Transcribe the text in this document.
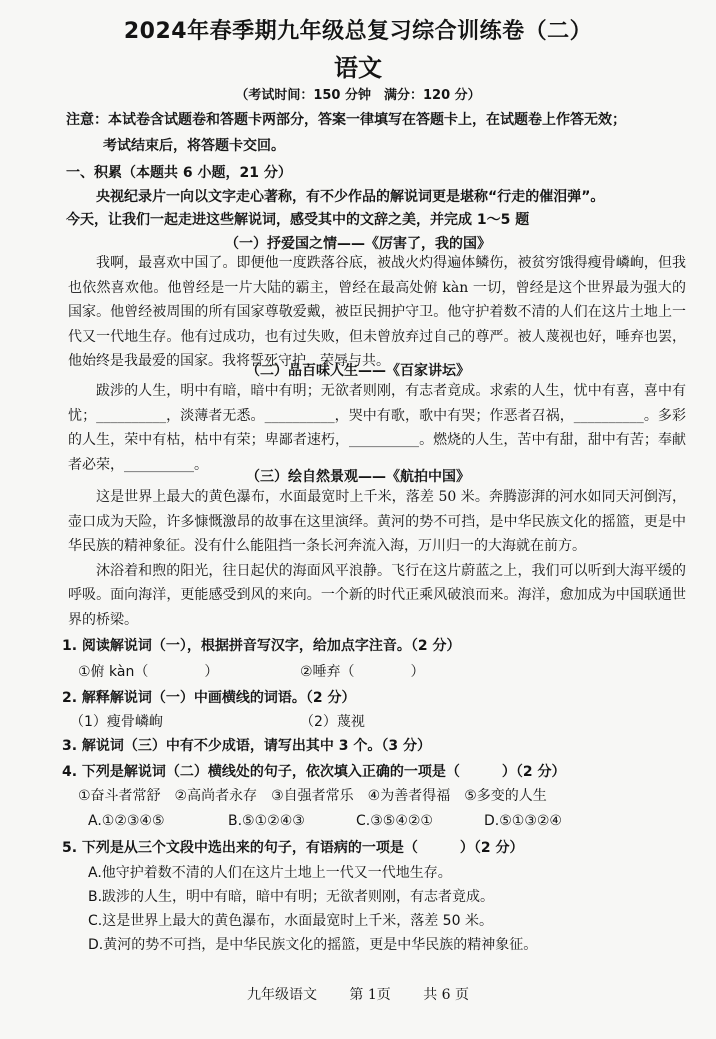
2024年春季期九年级总复习综合训练卷（二）
语文
（考试时间：150 分钟　满分：120 分）
注意：本试卷含试题卷和答题卡两部分，答案一律填写在答题卡上，在试题卷上作答无效；
考试结束后，将答题卡交回。
一、积累（本题共 6 小题，21 分）
央视纪录片一向以文字走心著称，有不少作品的解说词更是堪称“行走的催泪弹”。
今天，让我们一起走进这些解说词，感受其中的文辞之美，并完成 1～5 题
（一）抒爱国之情——《厉害了，我的国》

我啊，最喜欢中国了。即便他一度跌落谷底，被战火灼得遍体鳞伤，被贫穷饿得瘦骨嶙峋，但我也依然喜欢他。他曾经是一片大陆的霸主，曾经在最高处俯 kàn 一切，曾经是这个世界最为强大的国家。他曾经被周围的所有国家尊敬爱戴，被臣民拥护守卫。他守护着数不清的人们在这片土地上一代又一代地生存。他有过成功，也有过失败，但未曾放弃过自己的尊严。被人蔑视也好，唾弃也罢，他始终是我最爱的国家。我将誓死守护，荣辱与共。

（二）品百味人生——《百家讲坛》

跋涉的人生，明中有暗，暗中有明；无欲者则刚，有志者竟成。求索的人生，忧中有喜，喜中有忧；__________，淡薄者无悉。__________，哭中有歌，歌中有哭；作恶者召祸，__________。多彩的人生，荣中有枯，枯中有荣；卑鄙者速朽，__________。燃烧的人生，苦中有甜，甜中有苦；奉献者必荣，__________。

（三）绘自然景观——《航拍中国》

这是世界上最大的黄色瀑布，水面最宽时上千米，落差 50 米。奔腾澎湃的河水如同天河倒泻，壶口成为天险，许多慷慨激昂的故事在这里演绎。黄河的势不可挡，是中华民族文化的摇篮，更是中华民族的精神象征。没有什么能阻挡一条长河奔流入海，万川归一的大海就在前方。

沐浴着和煦的阳光，往日起伏的海面风平浪静。飞行在这片蔚蓝之上，我们可以听到大海平缓的呼吸。面向海洋，更能感受到风的来向。一个新的时代正乘风破浪而来。海洋，愈加成为中国联通世界的桥梁。

1. 阅读解说词（一），根据拼音写汉字，给加点字注音。（2 分）
①俯 kàn（　　　　）	②唾弃（　　　　）
2. 解释解说词（一）中画横线的词语。（2 分）
（1）瘦骨嶙峋	（2）蔑视
3. 解说词（三）中有不少成语，请写出其中 3 个。（3 分）
4. 下列是解说词（二）横线处的句子，依次填入正确的一项是（　　　）（2 分）
①奋斗者常舒　②高尚者永存　③自强者常乐　④为善者得福　⑤多变的人生
A.①②③④⑤	B.⑤①②④③	C.③⑤④②①	D.⑤①③②④
5. 下列是从三个文段中选出来的句子，有语病的一项是（　　　）（2 分）
A.他守护着数不清的人们在这片土地上一代又一代地生存。
B.跋涉的人生，明中有暗，暗中有明；无欲者则刚，有志者竟成。
C.这是世界上最大的黄色瀑布，水面最宽时上千米，落差 50 米。
D.黄河的势不可挡，是中华民族文化的摇篮，更是中华民族的精神象征。
九年级语文 第 1页 共 6 页
